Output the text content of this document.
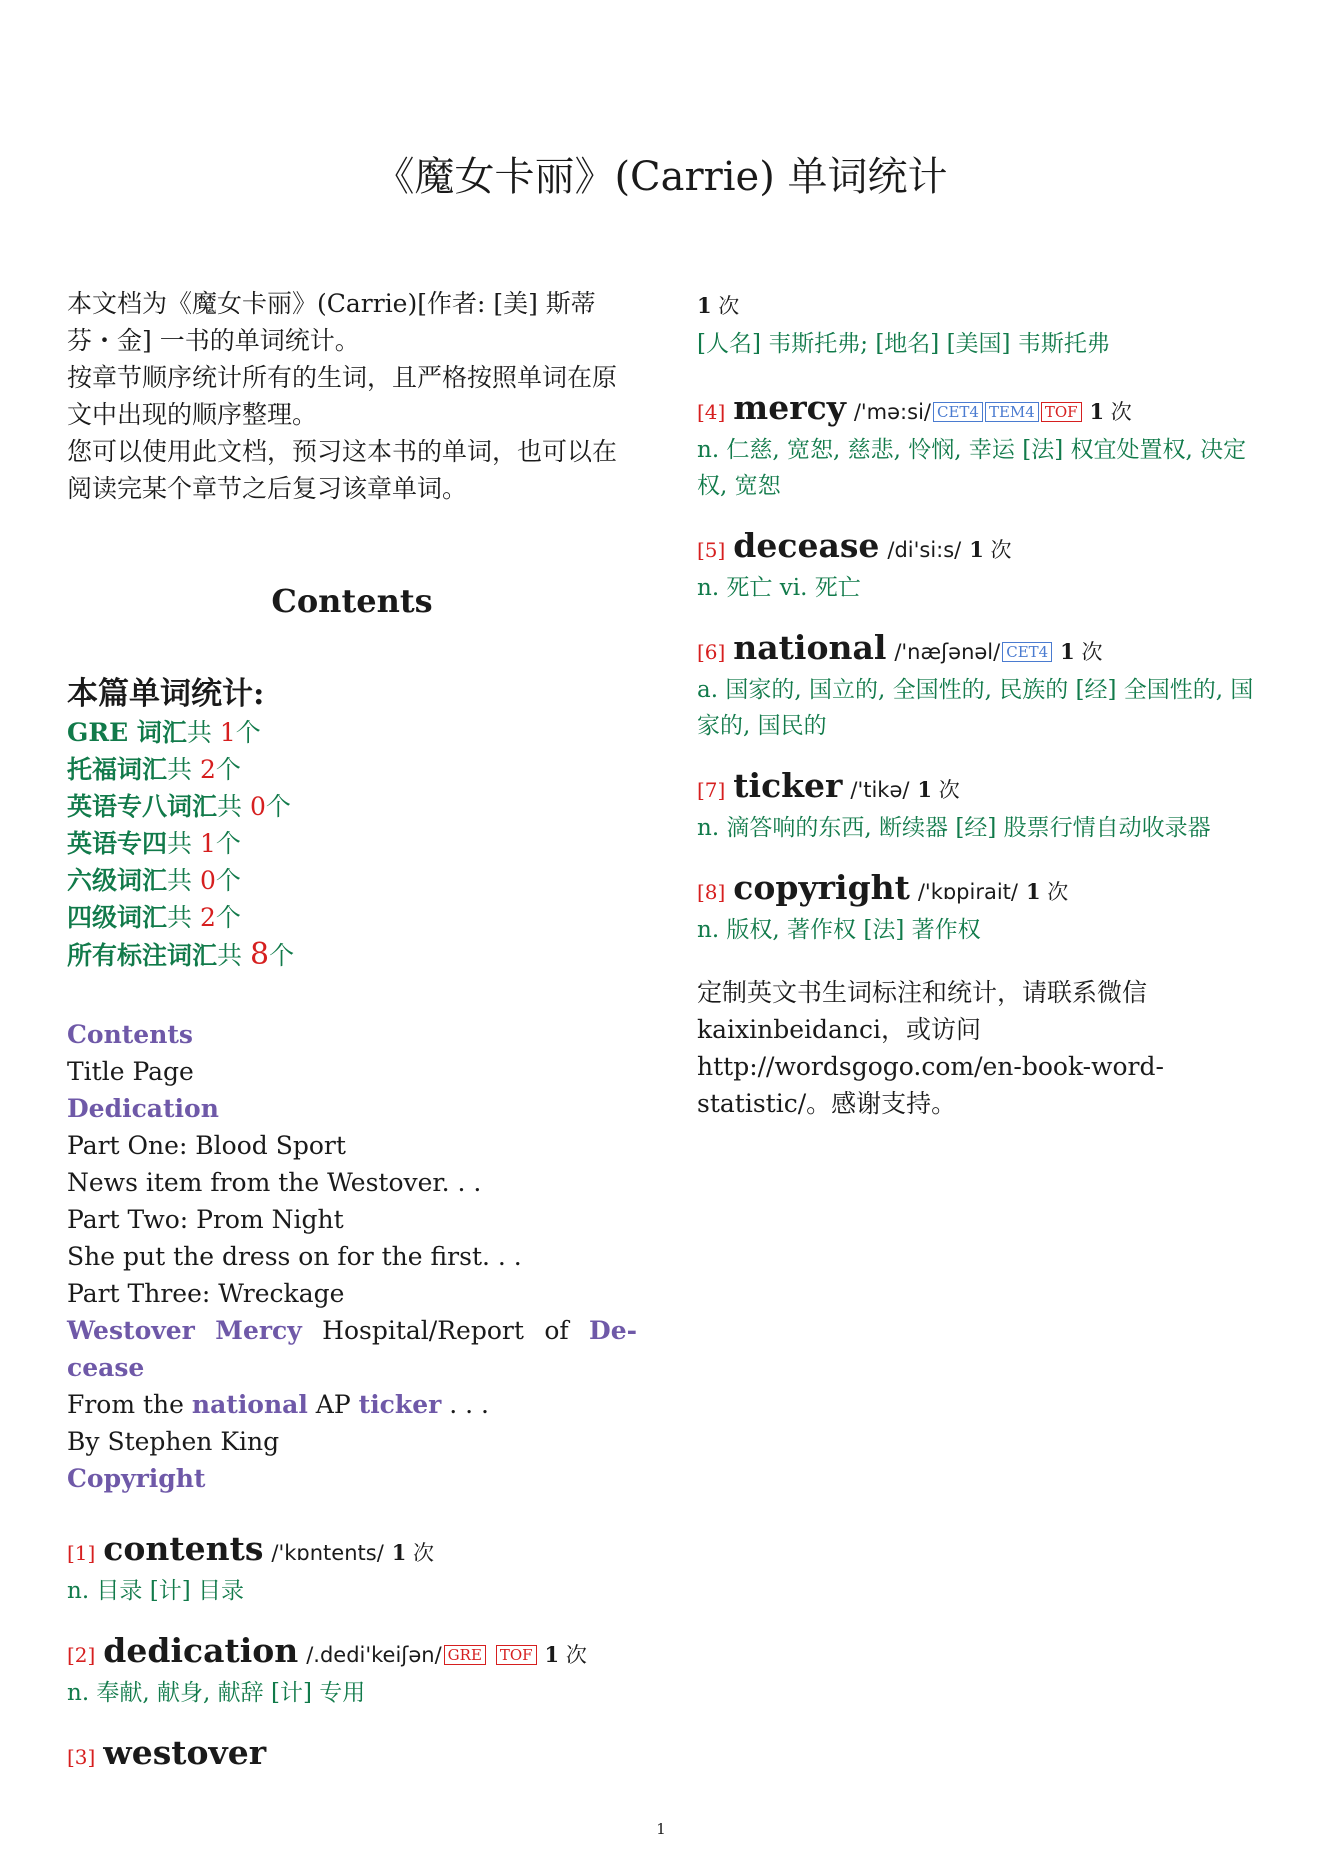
《魔女卡丽》(Carrie) 单词统计

本文档为《魔女卡丽》(Carrie)[作者: [美] 斯蒂芬・金] 一书的单词统计。

按章节顺序统计所有的生词，且严格按照单词在原文中出现的顺序整理。

您可以使用此文档，预习这本书的单词，也可以在阅读完某个章节之后复习该章单词。

Contents
本篇单词统计:
GRE 词汇共 1个
托福词汇共 2个
英语专八词汇共 0个
英语专四共 1个
六级词汇共 0个
四级词汇共 2个
所有标注词汇共 8个
Contents
Title Page
Dedication
Part One: Blood Sport
News item from the Westover. . .
Part Two: Prom Night
She put the dress on for the first. . .
Part Three: Wreckage
Westover Mercy Hospital/Report of De-
cease
From the national AP ticker . . .
By Stephen King
Copyright
[1] contents /'kɒntents/ 1 次
n. 目录 [计] 目录
[2] dedication /.dedi'keiʃən/ GRE TOF 1 次
n. 奉献, 献身, 献辞 [计] 专用
[3] westover
1 次
[人名] 韦斯托弗; [地名] [美国] 韦斯托弗
[4] mercy /'mə:si/ CET4 TEM4 TOF 1 次
n. 仁慈, 宽恕, 慈悲, 怜悯, 幸运 [法] 权宜处置权, 决定权, 宽恕
[5] decease /di'si:s/ 1 次
n. 死亡 vi. 死亡
[6] national /'næʃənəl/ CET4 1 次
a. 国家的, 国立的, 全国性的, 民族的 [经] 全国性的, 国家的, 国民的
[7] ticker /'tikə/ 1 次
n. 滴答响的东西, 断续器 [经] 股票行情自动收录器
[8] copyright /'kɒpirait/ 1 次
n. 版权, 著作权 [法] 著作权
定制英文书生词标注和统计，请联系微信 kaixinbeidanci，或访问 http://wordsgogo.com/en-book-word-statistic/。感谢支持。
1
